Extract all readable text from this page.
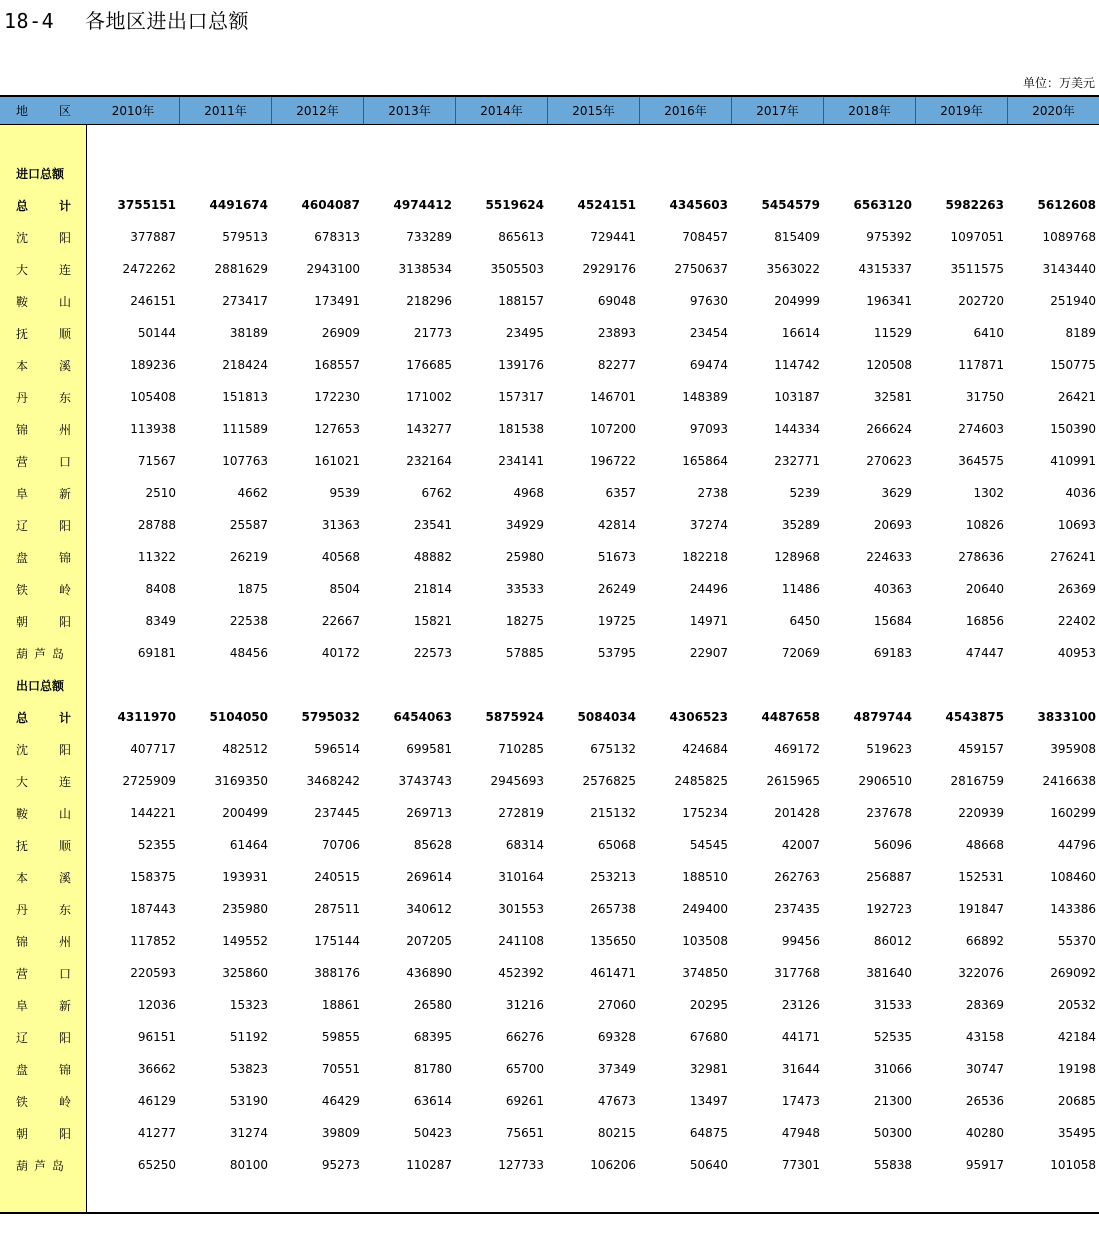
18-4 各地区进出口总额
单位：万美元
地	区	2010年	2011年	2012年	2013年	2014年	2015年	2016年	2017年	2018年	2019年	2020年
进口总额
总	计	3755151	4491674	4604087	4974412	5519624	4524151	4345603	5454579	6563120	5982263	5612608
沈	阳	377887	579513	678313	733289	865613	729441	708457	815409	975392	1097051	1089768
大	连	2472262	2881629	2943100	3138534	3505503	2929176	2750637	3563022	4315337	3511575	3143440
鞍	山	246151	273417	173491	218296	188157	69048	97630	204999	196341	202720	251940
抚	顺	50144	38189	26909	21773	23495	23893	23454	16614	11529	6410	8189
本	溪	189236	218424	168557	176685	139176	82277	69474	114742	120508	117871	150775
丹	东	105408	151813	172230	171002	157317	146701	148389	103187	32581	31750	26421
锦	州	113938	111589	127653	143277	181538	107200	97093	144334	266624	274603	150390
营	口	71567	107763	161021	232164	234141	196722	165864	232771	270623	364575	410991
阜	新	2510	4662	9539	6762	4968	6357	2738	5239	3629	1302	4036
辽	阳	28788	25587	31363	23541	34929	42814	37274	35289	20693	10826	10693
盘	锦	11322	26219	40568	48882	25980	51673	182218	128968	224633	278636	276241
铁	岭	8408	1875	8504	21814	33533	26249	24496	11486	40363	20640	26369
朝	阳	8349	22538	22667	15821	18275	19725	14971	6450	15684	16856	22402
葫芦岛	69181	48456	40172	22573	57885	53795	22907	72069	69183	47447	40953
出口总额
总	计	4311970	5104050	5795032	6454063	5875924	5084034	4306523	4487658	4879744	4543875	3833100
沈	阳	407717	482512	596514	699581	710285	675132	424684	469172	519623	459157	395908
大	连	2725909	3169350	3468242	3743743	2945693	2576825	2485825	2615965	2906510	2816759	2416638
鞍	山	144221	200499	237445	269713	272819	215132	175234	201428	237678	220939	160299
抚	顺	52355	61464	70706	85628	68314	65068	54545	42007	56096	48668	44796
本	溪	158375	193931	240515	269614	310164	253213	188510	262763	256887	152531	108460
丹	东	187443	235980	287511	340612	301553	265738	249400	237435	192723	191847	143386
锦	州	117852	149552	175144	207205	241108	135650	103508	99456	86012	66892	55370
营	口	220593	325860	388176	436890	452392	461471	374850	317768	381640	322076	269092
阜	新	12036	15323	18861	26580	31216	27060	20295	23126	31533	28369	20532
辽	阳	96151	51192	59855	68395	66276	69328	67680	44171	52535	43158	42184
盘	锦	36662	53823	70551	81780	65700	37349	32981	31644	31066	30747	19198
铁	岭	46129	53190	46429	63614	69261	47673	13497	17473	21300	26536	20685
朝	阳	41277	31274	39809	50423	75651	80215	64875	47948	50300	40280	35495
葫芦岛	65250	80100	95273	110287	127733	106206	50640	77301	55838	95917	101058
